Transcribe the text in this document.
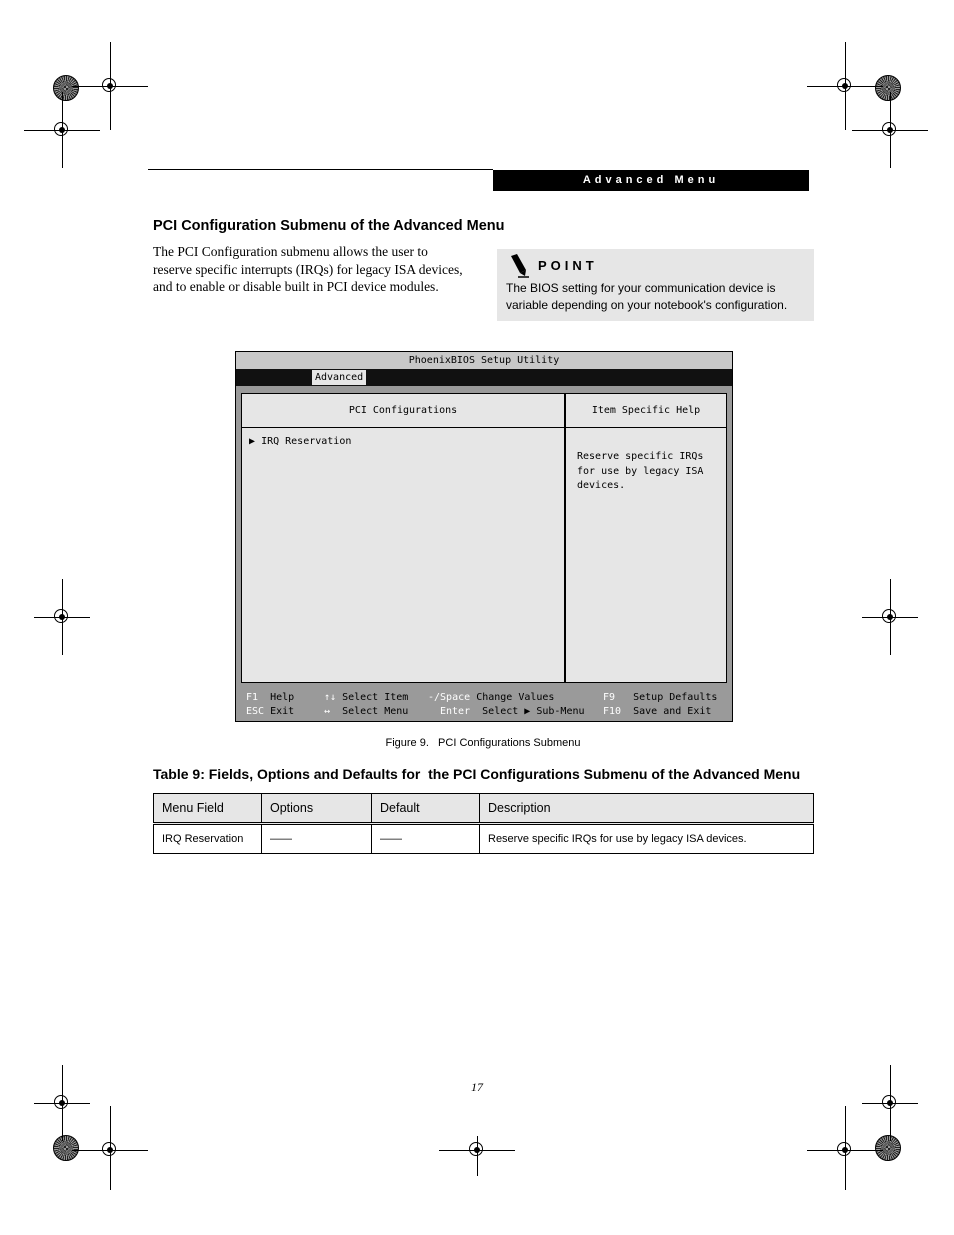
Advanced Menu
PCI Configuration Submenu of the Advanced Menu
The PCI Configuration submenu allows the user to
reserve specific interrupts (IRQs) for legacy ISA devices,
and to enable or disable built in PCI device modules.
POINT
The BIOS setting for your communication device is
variable depending on your notebook's configuration.
PhoenixBIOS Setup Utility
Advanced
PCI Configurations	Item Specific Help
▶ IRQ Reservation
Reserve specific IRQs
for use by legacy ISA
devices.
F1 Help	↑↓ Select Item -/Space Change Values	F9 Setup Defaults
ESC Exit	↔ Select Menu	Enter Select ▶ Sub-Menu F10 Save and Exit
Figure 9.   PCI Configurations Submenu
Table 9: Fields, Options and Defaults for  the PCI Configurations Submenu of the Advanced Menu
Menu Field	Options	Default	Description
IRQ Reservation	——	——	Reserve specific IRQs for use by legacy ISA devices.
17
